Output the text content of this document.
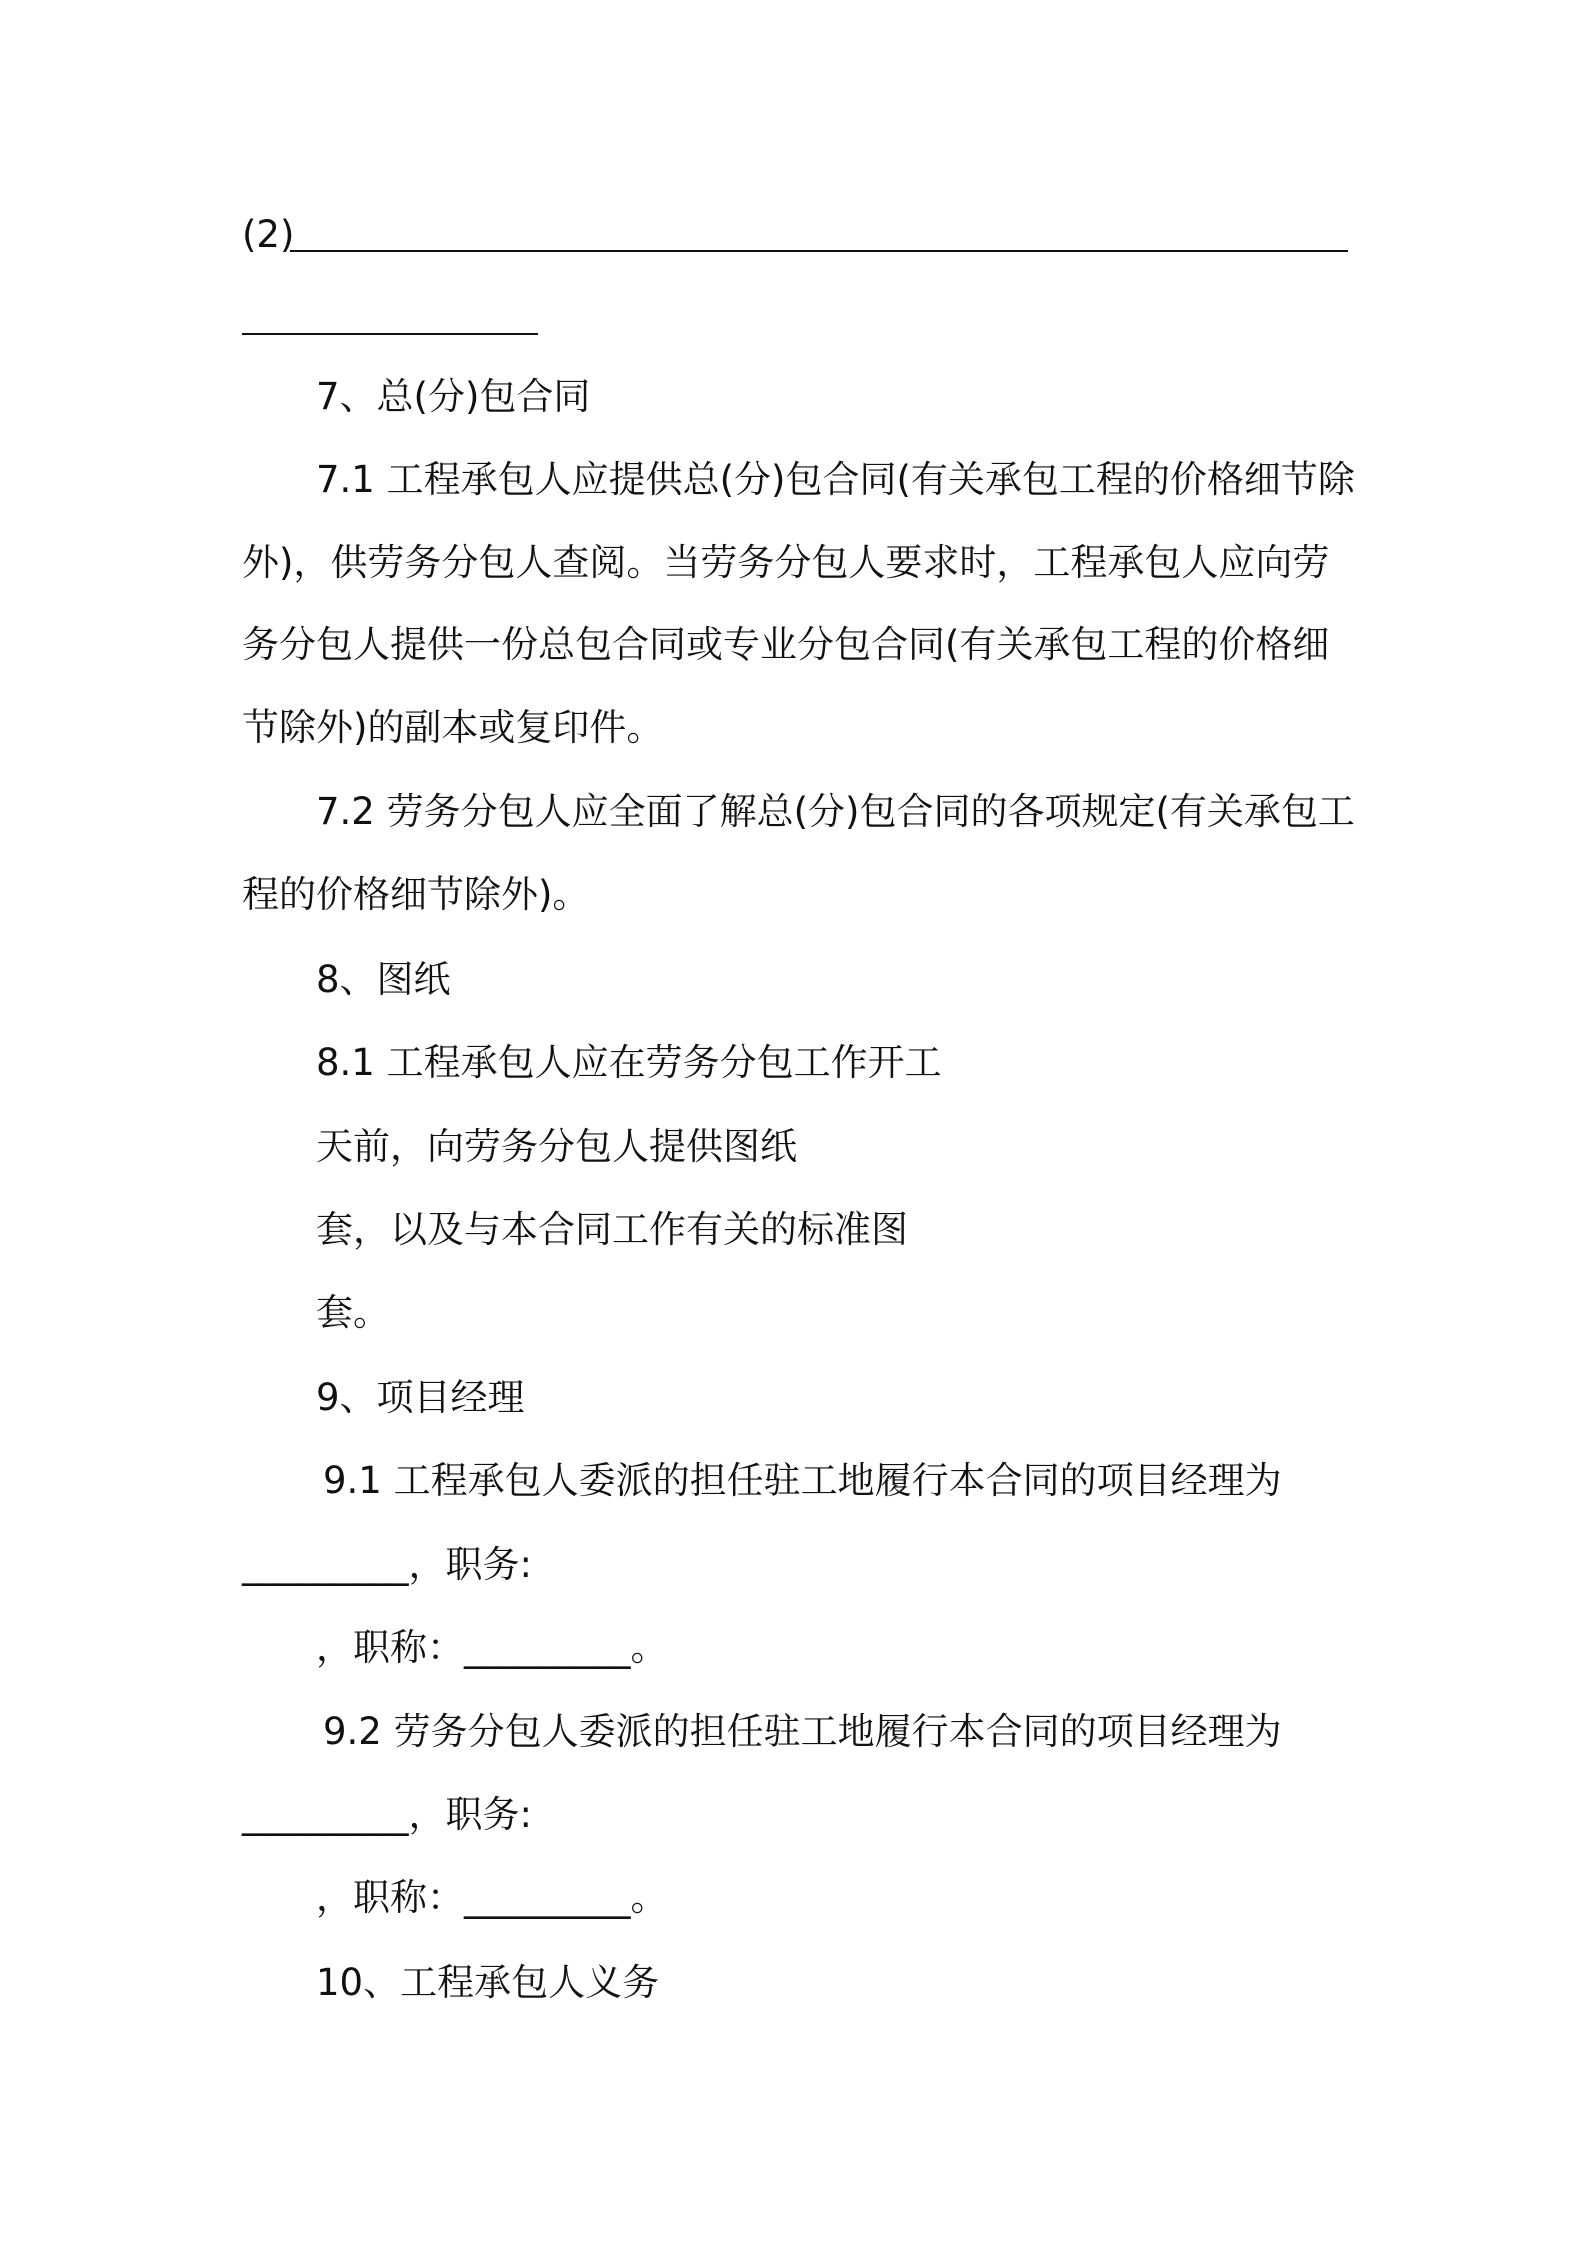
(2)
7、总(分)包合同
7.1 工程承包人应提供总(分)包合同(有关承包工程的价格细节除
外)，供劳务分包人查阅。当劳务分包人要求时，工程承包人应向劳
务分包人提供一份总包合同或专业分包合同(有关承包工程的价格细
节除外)的副本或复印件。
7.2 劳务分包人应全面了解总(分)包合同的各项规定(有关承包工
程的价格细节除外)。
8、图纸
8.1 工程承包人应在劳务分包工作开工
天前，向劳务分包人提供图纸
套，以及与本合同工作有关的标准图
套。
9、项目经理
9.1 工程承包人委派的担任驻工地履行本合同的项目经理为
_________，职务:
，职称：_________。
9.2 劳务分包人委派的担任驻工地履行本合同的项目经理为
_________，职务:
，职称：_________。
10、工程承包人义务
